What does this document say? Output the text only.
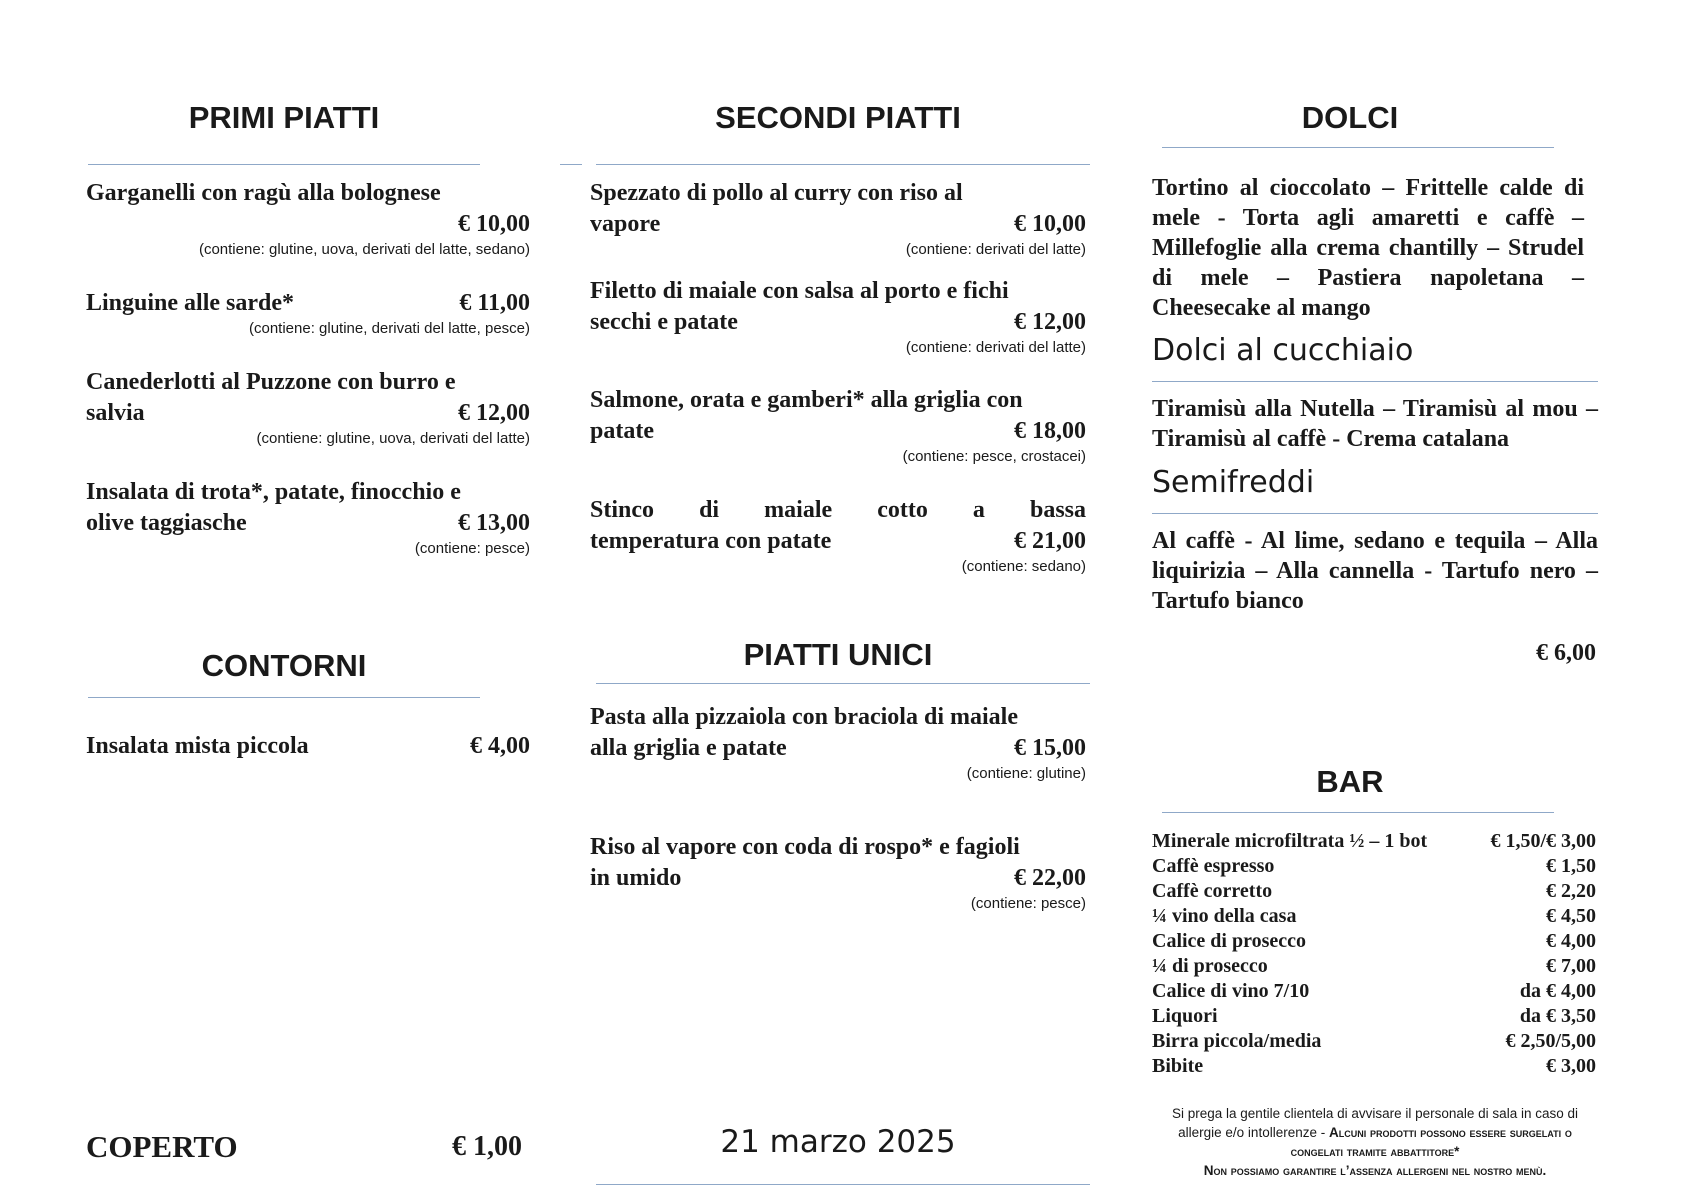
PRIMI PIATTI
Garganelli con ragù alla bolognese
€ 10,00
(contiene: glutine, uova, derivati del latte, sedano)
Linguine alle sarde*	€ 11,00
(contiene: glutine, derivati del latte, pesce)
Canederlotti al Puzzone con burro e
salvia	€ 12,00
(contiene: glutine, uova, derivati del latte)
Insalata di trota*, patate, finocchio e
olive taggiasche	€ 13,00
(contiene: pesce)
CONTORNI
Insalata mista piccola	€ 4,00
COPERTO	€ 1,00
SECONDI PIATTI
Spezzato di pollo al curry con riso al
vapore	€ 10,00
(contiene: derivati del latte)
Filetto di maiale con salsa al porto e fichi
secchi e patate	€ 12,00
(contiene: derivati del latte)
Salmone, orata e gamberi* alla griglia con
patate	€ 18,00
(contiene: pesce, crostacei)
Stinco di maiale cotto a bassa
temperatura con patate	€ 21,00
(contiene: sedano)
PIATTI UNICI
Pasta alla pizzaiola con braciola di maiale
alla griglia e patate	€ 15,00
(contiene: glutine)
Riso al vapore con coda di rospo* e fagioli
in umido	€ 22,00
(contiene: pesce)
21 marzo 2025
DOLCI
Tortino al cioccolato – Frittelle calde di mele - Torta agli amaretti e caffè – Millefoglie alla crema chantilly – Strudel di mele – Pastiera napoletana – Cheesecake al mango
Dolci al cucchiaio
Tiramisù alla Nutella – Tiramisù al mou – Tiramisù al caffè - Crema catalana
Semifreddi
Al caffè - Al lime, sedano e tequila – Alla liquirizia – Alla cannella - Tartufo nero – Tartufo bianco
€ 6,00
BAR
Minerale microfiltrata ½ – 1 bot	€ 1,50/€ 3,00
Caffè espresso	€ 1,50
Caffè corretto	€ 2,20
¼ vino della casa	€ 4,50
Calice di prosecco	€ 4,00
¼ di prosecco	€ 7,00
Calice di vino 7/10	da € 4,00
Liquori	da € 3,50
Birra piccola/media	€ 2,50/5,00
Bibite	€ 3,00
Si prega la gentile clientela di avvisare il personale di sala in caso di
allergie e/o intollerenze - Alcuni prodotti possono essere surgelati o
congelati tramite abbattitore*
Non possiamo garantire l’assenza allergeni nel nostro menù.
